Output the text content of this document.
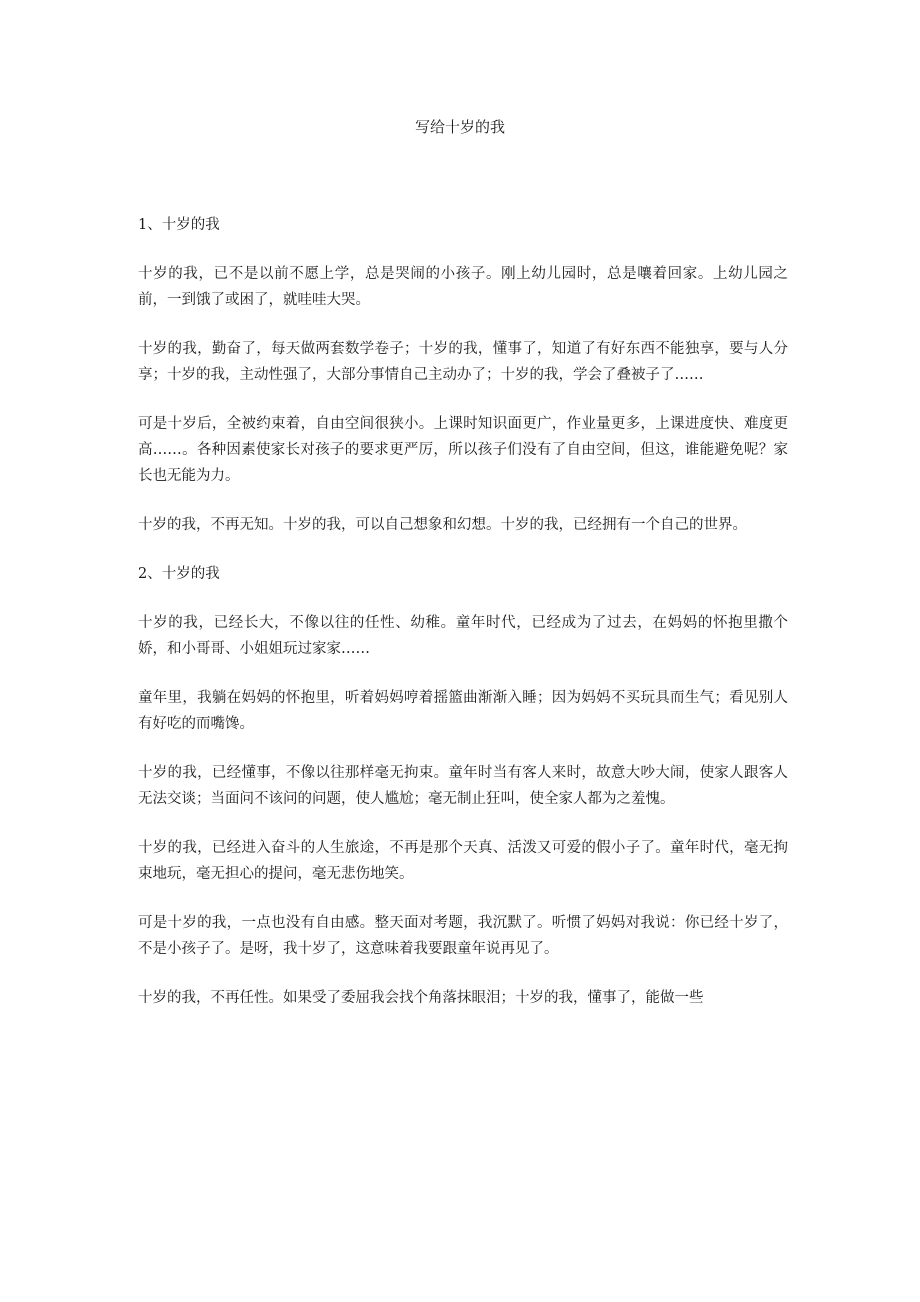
写给十岁的我
1、十岁的我

十岁的我，已不是以前不愿上学，总是哭闹的小孩子。刚上幼儿园时，总是嚷着回家。上幼儿园之前，一到饿了或困了，就哇哇大哭。

十岁的我，勤奋了，每天做两套数学卷子；十岁的我，懂事了，知道了有好东西不能独享，要与人分享；十岁的我，主动性强了，大部分事情自己主动办了；十岁的我，学会了叠被子了……

可是十岁后，全被约束着，自由空间很狭小。上课时知识面更广，作业量更多，上课进度快、难度更高……。各种因素使家长对孩子的要求更严厉，所以孩子们没有了自由空间，但这，谁能避免呢？家长也无能为力。

十岁的我，不再无知。十岁的我，可以自己想象和幻想。十岁的我，已经拥有一个自己的世界。

2、十岁的我

十岁的我，已经长大，不像以往的任性、幼稚。童年时代，已经成为了过去，在妈妈的怀抱里撒个娇，和小哥哥、小姐姐玩过家家……

童年里，我躺在妈妈的怀抱里，听着妈妈哼着摇篮曲渐渐入睡；因为妈妈不买玩具而生气；看见别人有好吃的而嘴馋。

十岁的我，已经懂事，不像以往那样毫无拘束。童年时当有客人来时，故意大吵大闹，使家人跟客人无法交谈；当面问不该问的问题，使人尴尬；毫无制止狂叫，使全家人都为之羞愧。

十岁的我，已经进入奋斗的人生旅途，不再是那个天真、活泼又可爱的假小子了。童年时代，毫无拘束地玩，毫无担心的提问，毫无悲伤地笑。

可是十岁的我，一点也没有自由感。整天面对考题，我沉默了。听惯了妈妈对我说：你已经十岁了，不是小孩子了。是呀，我十岁了，这意味着我要跟童年说再见了。

十岁的我，不再任性。如果受了委屈我会找个角落抹眼泪；十岁的我，懂事了，能做一些
